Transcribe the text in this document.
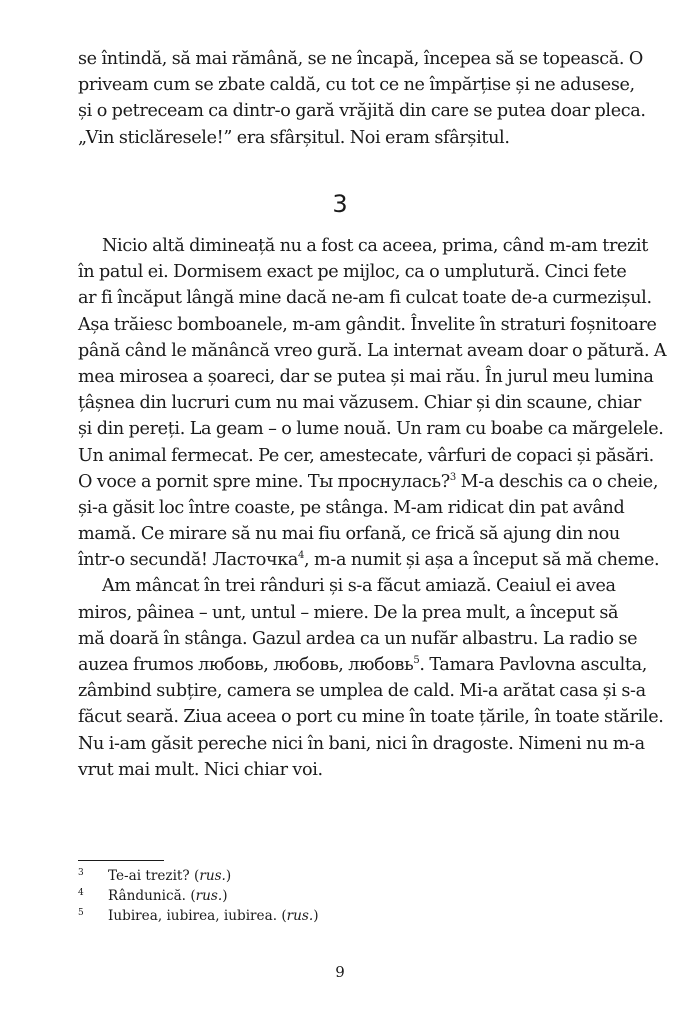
se întindă, să mai rămână, se ne încapă, începea să se topească. O
priveam cum se zbate caldă, cu tot ce ne împărțise și ne adusese,
și o petreceam ca dintr-o gară vrăjită din care se putea doar pleca.
„Vin sticlăresele!” era sfârșitul. Noi eram sfârșitul.
3
Nicio altă dimineață nu a fost ca aceea, prima, când m-am trezit
în patul ei. Dormisem exact pe mijloc, ca o umplutură. Cinci fete
ar fi încăput lângă mine dacă ne-am fi culcat toate de-a curmezișul.
Așa trăiesc bomboanele, m-am gândit. Învelite în straturi foșnitoare
până când le mănâncă vreo gură. La internat aveam doar o pătură. A
mea mirosea a șoareci, dar se putea și mai rău. În jurul meu lumina
țâșnea din lucruri cum nu mai văzusem. Chiar și din scaune, chiar
și din pereți. La geam – o lume nouă. Un ram cu boabe ca mărgelele.
Un animal fermecat. Pe cer, amestecate, vârfuri de copaci și păsări.
O voce a pornit spre mine. Ты проснулась?$^3$ M-a deschis ca o cheie,
și-a găsit loc între coaste, pe stânga. M-am ridicat din pat având
mamă. Ce mirare să nu mai fiu orfană, ce frică să ajung din nou
într-o secundă! Ласточка$^4$, m-a numit și așa a început să mă cheme.
Am mâncat în trei rânduri și s-a făcut amiază. Ceaiul ei avea
miros, pâinea – unt, untul – miere. De la prea mult, a început să
mă doară în stânga. Gazul ardea ca un nufăr albastru. La radio se
auzea frumos любовь, любовь, любовь$^5$. Tamara Pavlovna asculta,
zâmbind subțire, camera se umplea de cald. Mi-a arătat casa și s-a
făcut seară. Ziua aceea o port cu mine în toate țările, în toate stările.
Nu i-am găsit pereche nici în bani, nici în dragoste. Nimeni nu m-a
vrut mai mult. Nici chiar voi.
3	Te-ai trezit? (rus.)
4	Rândunică. (rus.)
5	Iubirea, iubirea, iubirea. (rus.)
9
